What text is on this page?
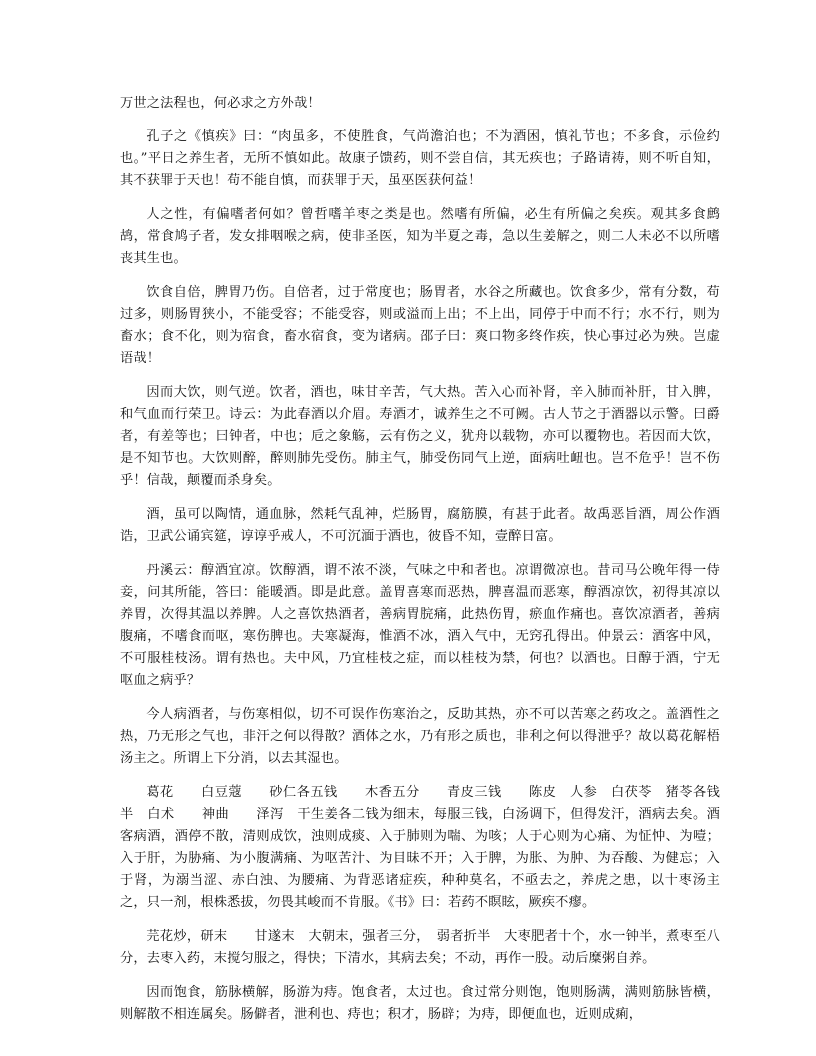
万世之法程也，何必求之方外哉！

孔子之《慎疾》曰：“肉虽多，不使胜食，气尚澹泊也；不为酒困，慎礼节也；不多食，示俭约也。”平日之养生者，无所不慎如此。故康子馈药，则不尝自信，其无疾也；子路请祷，则不听自知，其不获罪于天也！苟不能自慎，而获罪于天，虽巫医获何益！

人之性，有偏嗜者何如？曾哲嗜羊枣之类是也。然嗜有所偏，必生有所偏之矣疾。观其多食鹧鸪，常食鸠子者，发女排咽喉之病，使非圣医，知为半夏之毒，急以生姜解之，则二人未必不以所嗜丧其生也。

饮食自倍，脾胃乃伤。自倍者，过于常度也；肠胃者，水谷之所藏也。饮食多少，常有分数，苟过多，则肠胃狭小，不能受容；不能受容，则或溢而上出；不上出，同停于中而不行；水不行，则为畜水；食不化，则为宿食，畜水宿食，变为诸病。邵子曰：爽口物多终作疾，快心事过必为殃。岂虚语哉！

因而大饮，则气逆。饮者，酒也，味甘辛苦，气大热。苦入心而补肾，辛入肺而补肝，甘入脾，和气血而行荣卫。诗云：为此春酒以介眉。寿酒才，诚养生之不可阙。古人节之于酒器以示警。曰爵者，有差等也；曰钟者，中也；卮之象觞，云有伤之义，犹舟以载物，亦可以覆物也。若因而大饮，是不知节也。大饮则醉，醉则肺先受伤。肺主气，肺受伤同气上逆，面病吐衄也。岂不危乎！岂不伤乎！信哉，颠覆而杀身矣。

酒，虽可以陶情，通血脉，然耗气乱神，烂肠胃，腐筋膜，有甚于此者。故禹恶旨酒，周公作酒诰，卫武公诵宾筵，谆谆乎戒人，不可沉湎于酒也，彼昏不知，壹醉日富。

丹溪云：醇酒宜凉。饮醇酒，谓不浓不淡，气味之中和者也。凉谓微凉也。昔司马公晚年得一侍妾，问其所能，答曰：能暖酒。即是此意。盖胃喜寒而恶热，脾喜温而恶寒，醇酒凉饮，初得其凉以养胃，次得其温以养脾。人之喜饮热酒者，善病胃脘痛，此热伤胃，瘀血作痛也。喜饮凉酒者，善病腹痛，不嗜食而呕，寒伤脾也。夫寒凝海，惟酒不冰，酒入气中，无窍孔得出。仲景云：酒客中风，不可服桂枝汤。谓有热也。夫中风，乃宜桂枝之症，而以桂枝为禁，何也？以酒也。日醇于酒，宁无呕血之病乎？

今人病酒者，与伤寒相似，切不可误作伤寒治之，反助其热，亦不可以苦寒之药攻之。盖酒性之热，乃无形之气也，非汗之何以得散？酒体之水，乃有形之质也，非利之何以得泄乎？故以葛花解梧汤主之。所谓上下分消，以去其湿也。

葛花　　白豆蔻　　砂仁各五钱　　木香五分　　青皮三钱　　陈皮　人参　白茯苓　猪苓各钱半　白术　　神曲　　泽泻　干生姜各二钱为细末，每服三钱，白汤调下，但得发汗，酒病去矣。酒客病酒，酒停不散，清则成饮，浊则成痰、入于肺则为喘、为咳；人于心则为心痛、为怔忡、为噎；入于肝，为胁痛、为小腹满痛、为呕苦汁、为目昧不开；入于脾，为胀、为肿、为吞酸、为健忘；入于肾，为溺当涩、赤白浊、为腰痛、为背恶诸症疾，种种莫名，不亟去之，养虎之患，以十枣汤主之，只一剂，根株悉拔，勿畏其峻而不肯服。《书》曰：若药不瞑眩，厥疾不瘳。

芫花炒，研末　　甘遂末　大朝末，强者三分，　弱者折半　大枣肥者十个，水一钟半，煮枣至八分，去枣入药，末搅匀服之，得快；下清水，其病去矣；不动，再作一股。动后糜粥自养。

因而饱食，筋脉横解，肠游为痔。饱食者，太过也。食过常分则饱，饱则肠满，满则筋脉皆横，则解散不相连属矣。肠僻者，泄利也、痔也；积才，肠辟；为痔，即便血也，近则成痢，
